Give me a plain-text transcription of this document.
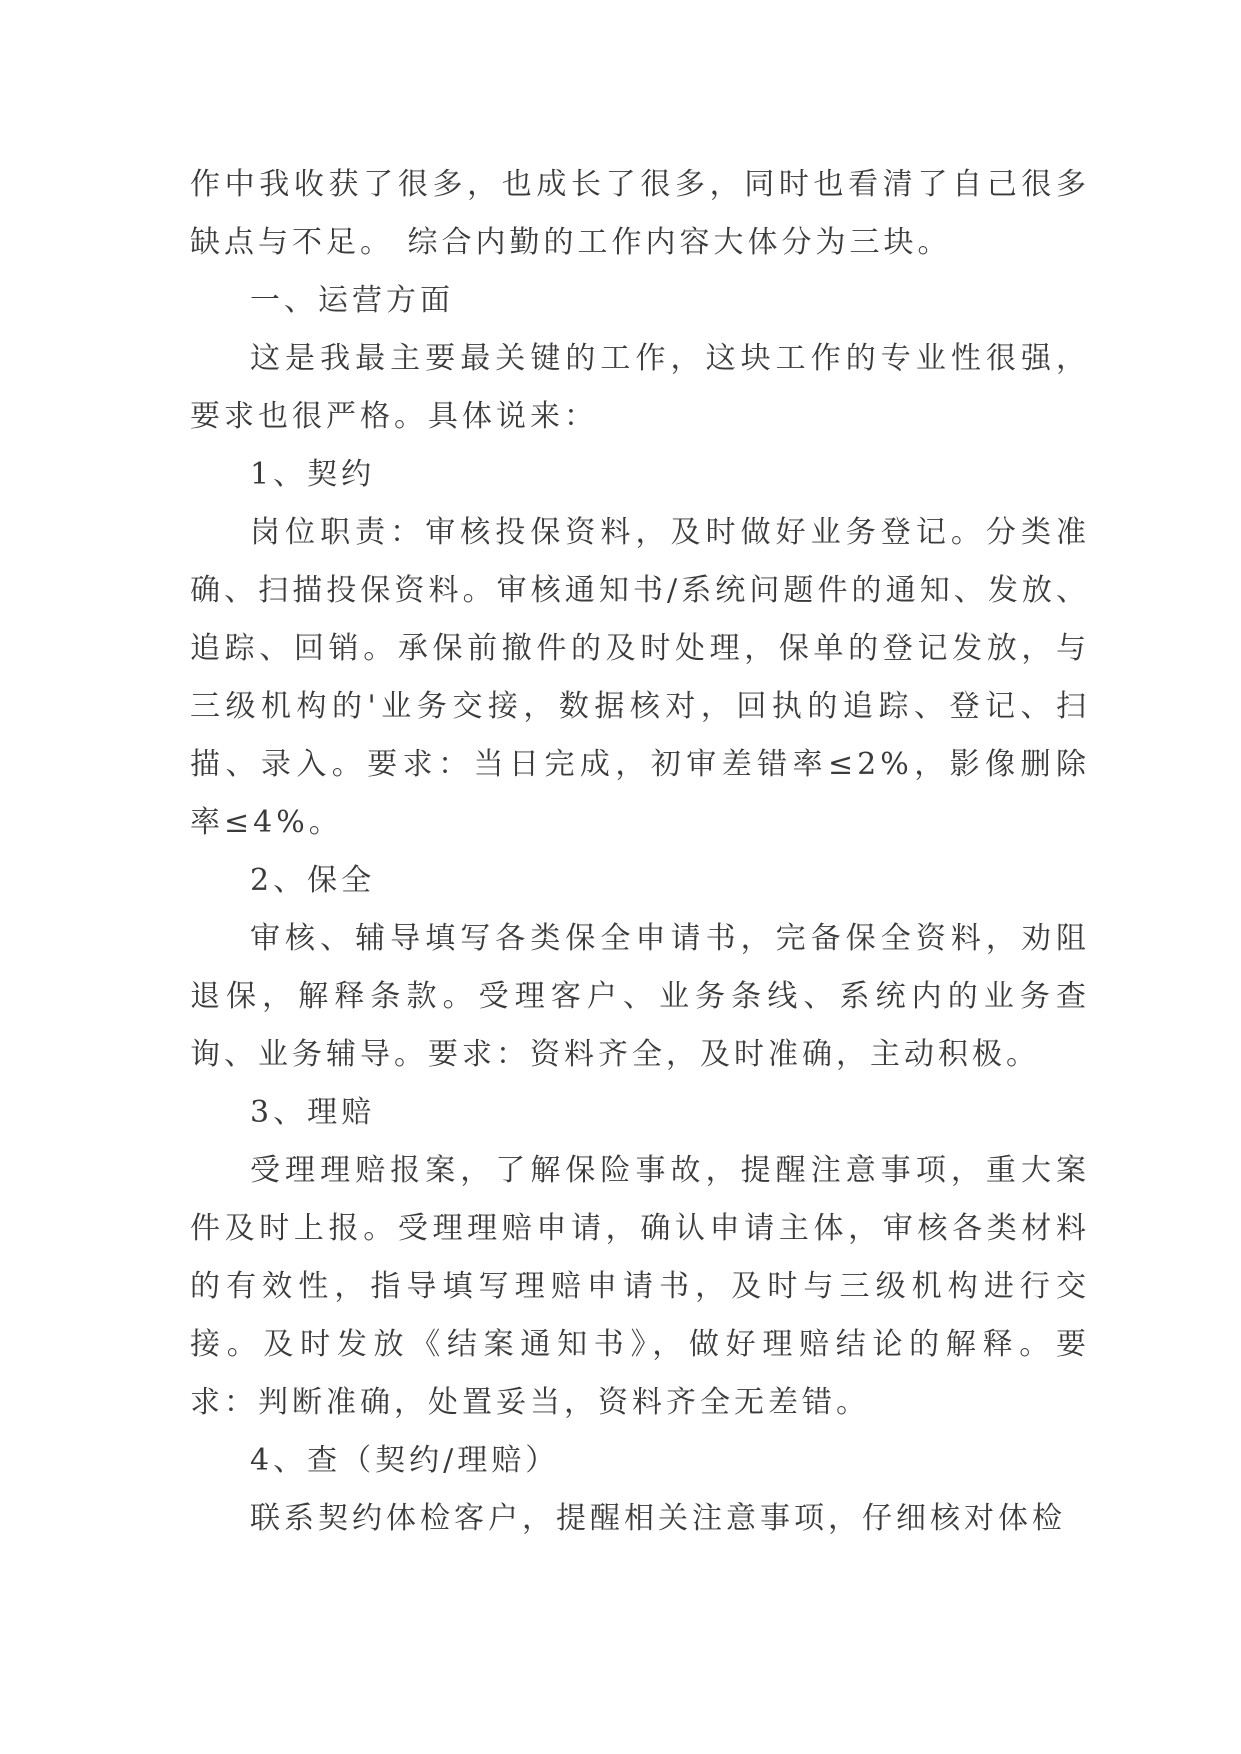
作中我收获了很多，也成长了很多，同时也看清了自己很多缺点与不足。 综合内勤的工作内容大体分为三块。

一、运营方面

这是我最主要最关键的工作，这块工作的专业性很强，要求也很严格。具体说来：

1、契约

岗位职责：审核投保资料，及时做好业务登记。分类准确、扫描投保资料。审核通知书/系统问题件的通知、发放、追踪、回销。承保前撤件的及时处理，保单的登记发放，与三级机构的'业务交接，数据核对，回执的追踪、登记、扫描、录入。要求：当日完成，初审差错率≤2%，影像删除率≤4%。

2、保全

审核、辅导填写各类保全申请书，完备保全资料，劝阻退保，解释条款。受理客户、业务条线、系统内的业务查询、业务辅导。要求：资料齐全，及时准确，主动积极。

3、理赔

受理理赔报案，了解保险事故，提醒注意事项，重大案件及时上报。受理理赔申请，确认申请主体，审核各类材料的有效性，指导填写理赔申请书，及时与三级机构进行交接。及时发放《结案通知书》，做好理赔结论的解释。要求：判断准确，处置妥当，资料齐全无差错。

4、查（契约/理赔）

联系契约体检客户，提醒相关注意事项，仔细核对体检
